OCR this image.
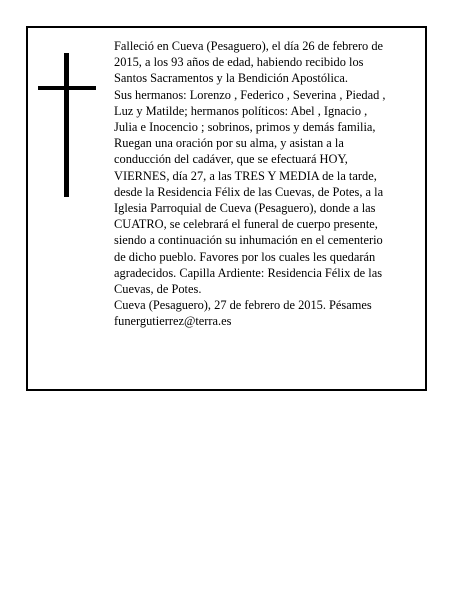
Falleció en Cueva (Pesaguero), el día 26 de febrero de
2015, a los 93 años de edad, habiendo recibido los
Santos Sacramentos y la Bendición Apostólica.
Sus hermanos: Lorenzo , Federico , Severina , Piedad ,
Luz y Matilde; hermanos políticos: Abel , Ignacio ,
Julia e Inocencio ; sobrinos, primos y demás familia,
Ruegan una oración por su alma, y asistan a la
conducción del cadáver, que se efectuará HOY,
VIERNES, día 27, a las TRES Y MEDIA de la tarde,
desde la Residencia Félix de las Cuevas, de Potes, a la
Iglesia Parroquial de Cueva (Pesaguero), donde a las
CUATRO, se celebrará el funeral de cuerpo presente,
siendo a continuación su inhumación en el cementerio
de dicho pueblo. Favores por los cuales les quedarán
agradecidos. Capilla Ardiente: Residencia Félix de las
Cuevas, de Potes.
Cueva (Pesaguero), 27 de febrero de 2015. Pésames
funergutierrez@terra.es
